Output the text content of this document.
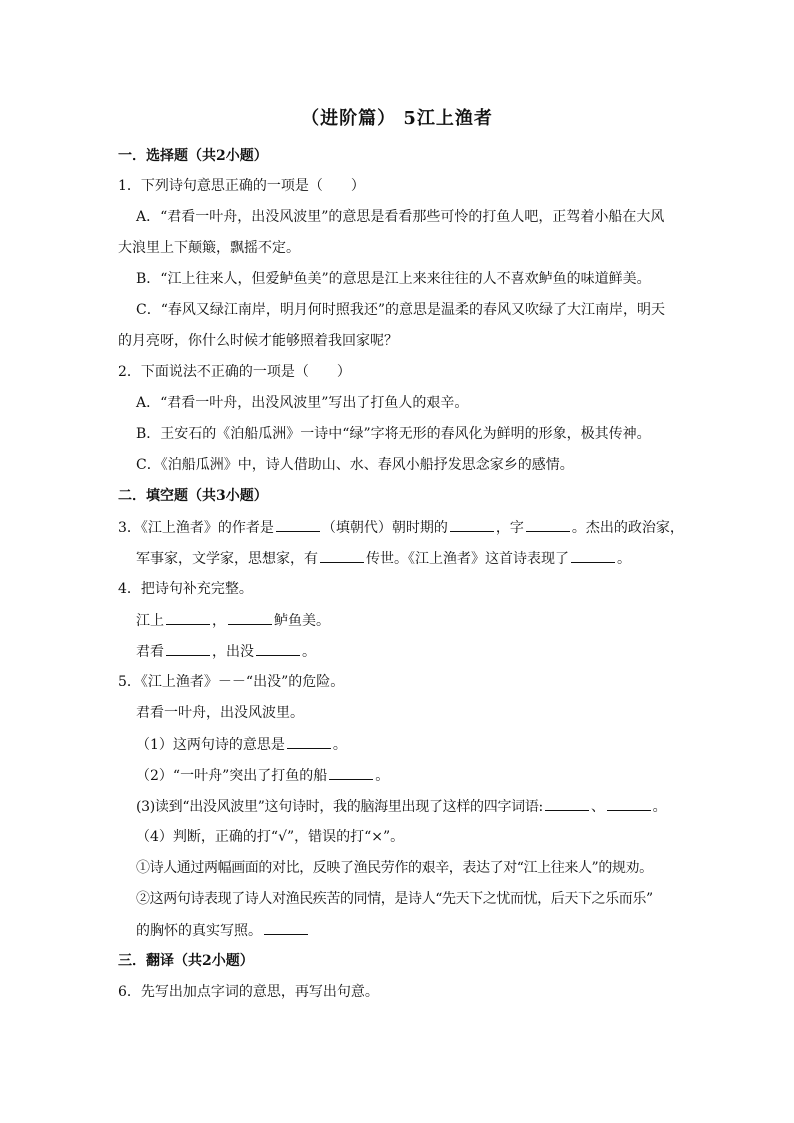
（进阶篇） 5江上渔者
一．选择题（共2小题）
1．下列诗句意思正确的一项是（　　）
A．“君看一叶舟，出没风波里”的意思是看看那些可怜的打鱼人吧，正驾着小船在大风
大浪里上下颠簸，飘摇不定。
B．“江上往来人，但爱鲈鱼美”的意思是江上来来往往的人不喜欢鲈鱼的味道鲜美。
C．“春风又绿江南岸，明月何时照我还”的意思是温柔的春风又吹绿了大江南岸，明天
的月亮呀，你什么时候才能够照着我回家呢？
2．下面说法不正确的一项是（　　）
A．“君看一叶舟，出没风波里”写出了打鱼人的艰辛。
B．王安石的《泊船瓜洲》一诗中“绿”字将无形的春风化为鲜明的形象，极其传神。
C．《泊船瓜洲》中，诗人借助山、水、春风小船抒发思念家乡的感情。
二．填空题（共3小题）
3．《江上渔者》的作者是	（填朝代）朝时期的	，字	。杰出的政治家，
军事家，文学家，思想家，有	传世。《江上渔者》这首诗表现了	。
4．把诗句补充完整。
江上	，	鲈鱼美。
君看	，出没	。
5．《江上渔者》－－“出没”的危险。
君看一叶舟，出没风波里。
（1）这两句诗的意思是	。
（2）“一叶舟”突出了打鱼的船	。
(3)读到“出没风波里”这句诗时，我的脑海里出现了这样的四字词语:	、	。
（4）判断，正确的打“√”，错误的打“×”。
①诗人通过两幅画面的对比，反映了渔民劳作的艰辛，表达了对“江上往来人”的规劝。
②这两句诗表现了诗人对渔民疾苦的同情，是诗人“先天下之忧而忧，后天下之乐而乐”
的胸怀的真实写照。
三．翻译（共2小题）
6．先写出加点字词的意思，再写出句意。
